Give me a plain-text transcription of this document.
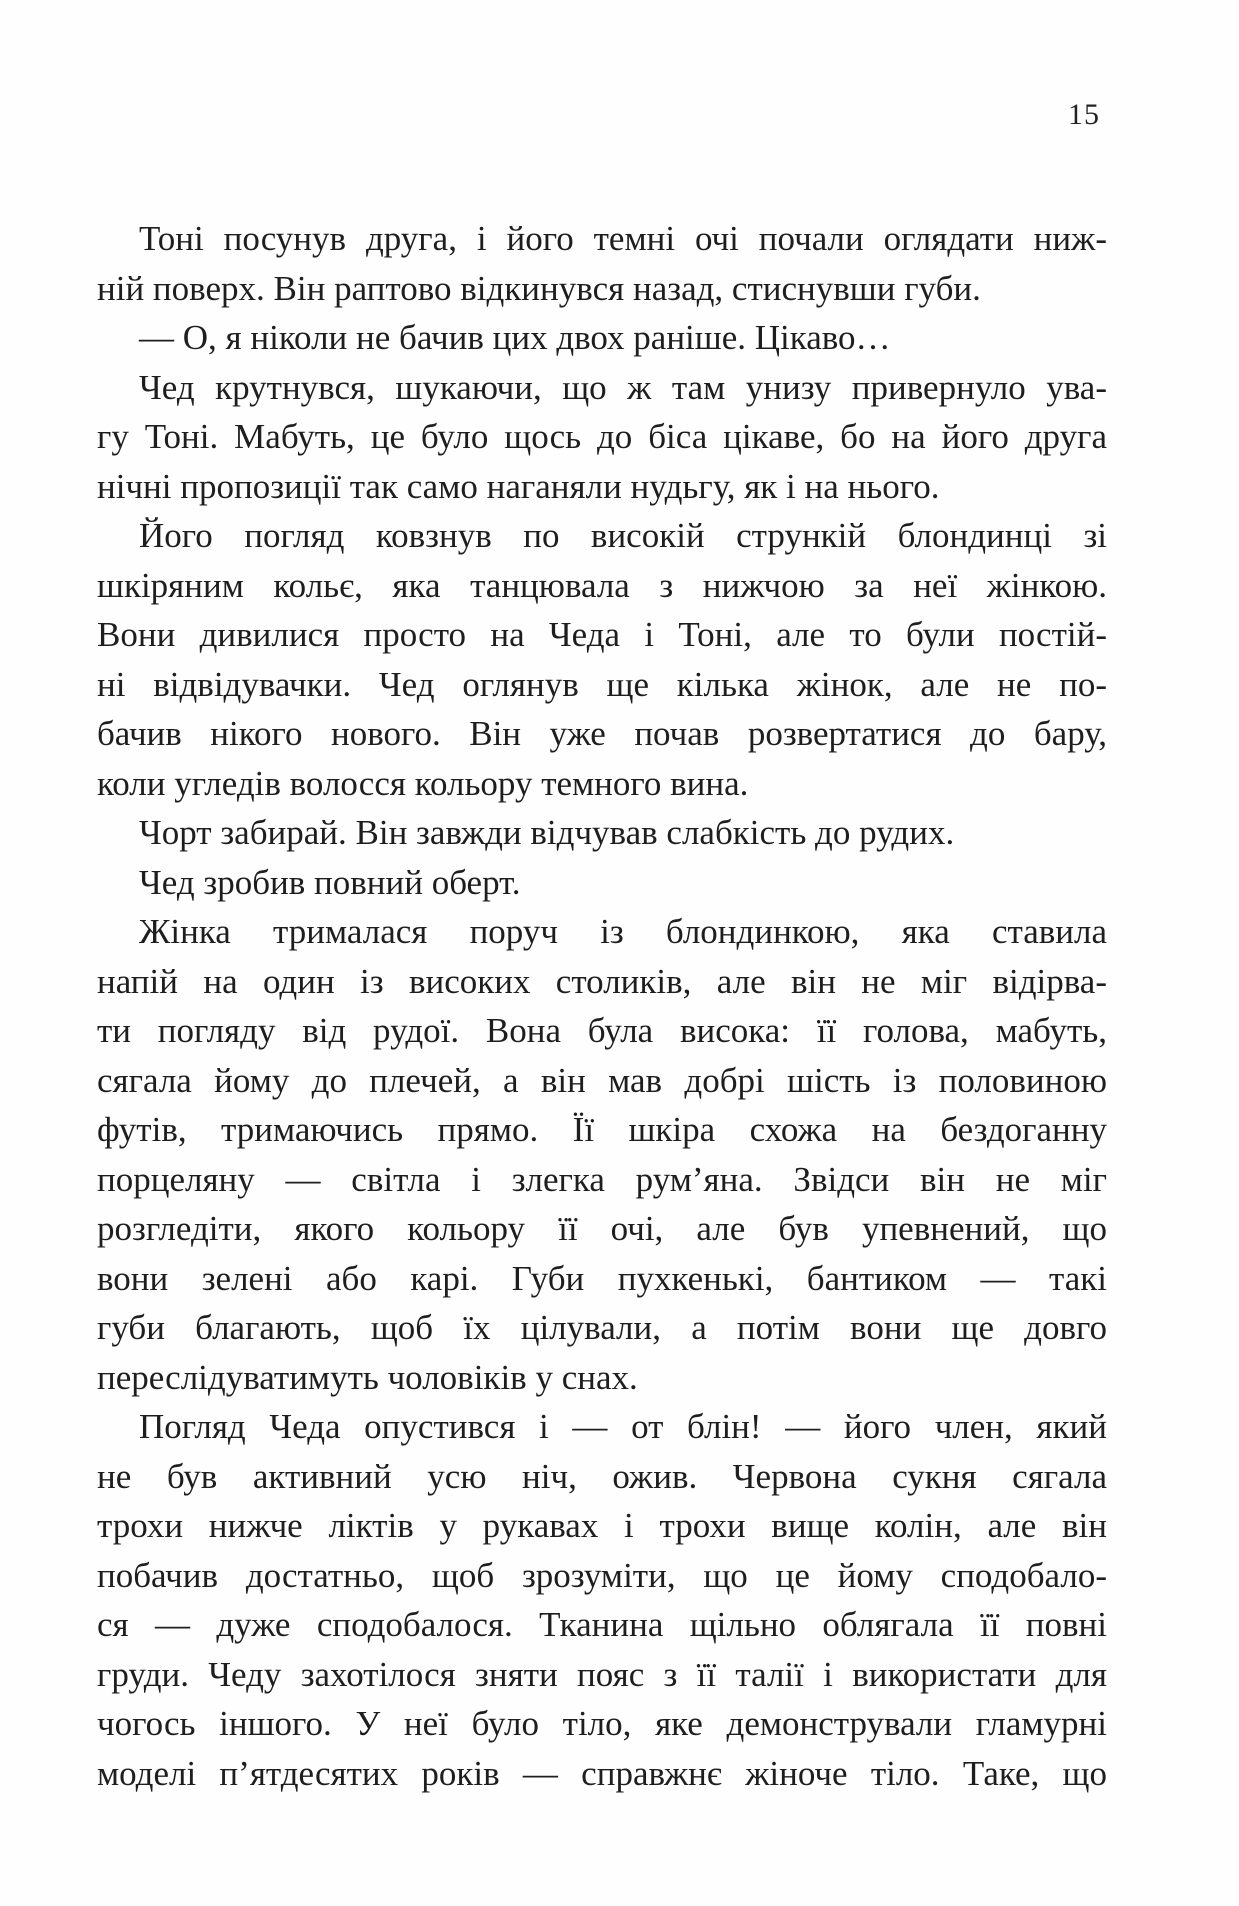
15
Тоні посунув друга, і його темні очі почали оглядати ниж-
ній поверх. Він раптово відкинувся назад, стиснувши губи.
— О, я ніколи не бачив цих двох раніше. Цікаво…
Чед крутнувся, шукаючи, що ж там унизу привернуло ува-
гу Тоні. Мабуть, це було щось до біса цікаве, бо на його друга
нічні пропозиції так само наганяли нудьгу, як і на нього.
Його погляд ковзнув по високій стрункій блондинці зі
шкіряним кольє, яка танцювала з нижчою за неї жінкою.
Вони дивилися просто на Чеда і Тоні, але то були постій-
ні відвідувачки. Чед оглянув ще кілька жінок, але не по-
бачив нікого нового. Він уже почав розвертатися до бару,
коли угледів волосся кольору темного вина.
Чорт забирай. Він завжди відчував слабкість до рудих.
Чед зробив повний оберт.
Жінка трималася поруч із блондинкою, яка ставила
напій на один із високих столиків, але він не міг відірва-
ти погляду від рудої. Вона була висока: її голова, мабуть,
сягала йому до плечей, а він мав добрі шість із половиною
футів, тримаючись прямо. Її шкіра схожа на бездоганну
порцеляну — світла і злегка рум’яна. Звідси він не міг
розгледіти, якого кольору її очі, але був упевнений, що
вони зелені або карі. Губи пухкенькі, бантиком — такі
губи благають, щоб їх цілували, а потім вони ще довго
переслідуватимуть чоловіків у снах.
Погляд Чеда опустився і — от блін! — його член, який
не був активний усю ніч, ожив. Червона сукня сягала
трохи нижче ліктів у рукавах і трохи вище колін, але він
побачив достатньо, щоб зрозуміти, що це йому сподобало-
ся — дуже сподобалося. Тканина щільно облягала її повні
груди. Чеду захотілося зняти пояс з її талії і використати для
чогось іншого. У неї було тіло, яке демонстрували гламурні
моделі п’ятдесятих років — справжнє жіноче тіло. Таке, що
